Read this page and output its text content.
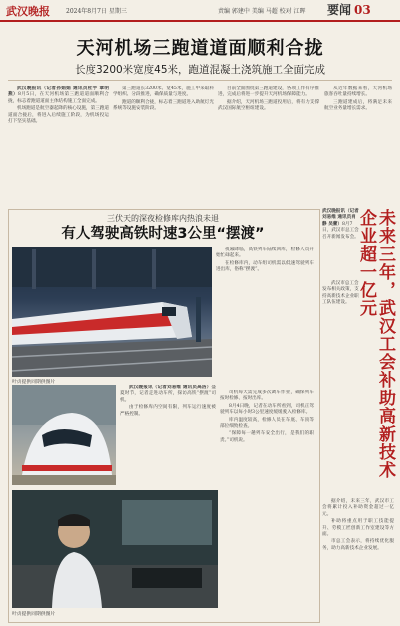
武汉晚报	2024年8月7日 星期三	责编 郭建中 美编 马超 校对 江晖 要闻 03
天河机场三跑道道面顺利合拢
长度3200米宽度45米，跑道混凝土浇筑施工全面完成

武汉晚报讯（记者孙娟娟 通讯员杜宇 章明燕）8月5日，在天河机场第三跑道道面顺利合拢，标志着跑道道面主体结构施工全面完成。

机场跑道是航空器起降的核心设施，第三跑道道面合拢后，将进入后续施工阶段，为机场投运打下坚实基础。

第三跑道长3200米、宽45米，施工中采取科学组织、分段推进，确保质量与进度。

跑道的顺利合拢，标志着三跑道进入助航灯光系统等设施安装阶段。

目前全面围绕第三跑道建设，各项工作有序推进，完成后将进一步提升天河机场保障能力。

据介绍，天河机场三跑道投用后，将有力支撑武汉国际航空枢纽建设。

从近年数据来看，天河机场旅客吞吐量持续增长。

三跑道建成后，将满足未来航空业务量增长需求。

三伏天的深夜检修库内热浪未退
有人驾驶高铁时速3公里“摆渡”
叶贞提供同期供图片

夜幕降临，高铁列车陆续回库，检修人员开始忙碌起来。

在检修库内，动车组司机需以低速驾驶列车进出库，俗称“摆渡”。

武汉晚报讯（记者刘易维 通讯员高洁）盛夏时节，记者走进动车所，探访高铁“摆渡”司机。

由于检修库内空间有限，列车运行速度被严格控制。

叶贞提供同期供图片

司机每天需完成多次调车作业，确保列车按时检修、按时出库。

8月4日晚，记者在动车所看到，司机正驾驶列车以每小时3公里速度缓缓驶入检修库。

库内温度较高，检修人员在车底、车顶等部位细致检查。

“保障每一趟列车安全出行，是我们的职责。”司机说。

武汉晚报讯（记者刘易维 通讯员肖静 吴蕾）8月7日，武汉市总工会召开新闻发布会。 未来三年，武汉工会补助高新技术企业超一亿元

武汉市总工会发布相关政策，支持高新技术企业职工队伍建设。

据介绍，未来三年，武汉市工会将累计投入补助资金超过一亿元。

补助将重点用于职工技能提升、劳模工匠创新工作室建设等方面。

市总工会表示，将持续优化服务，助力高新技术企业发展。
